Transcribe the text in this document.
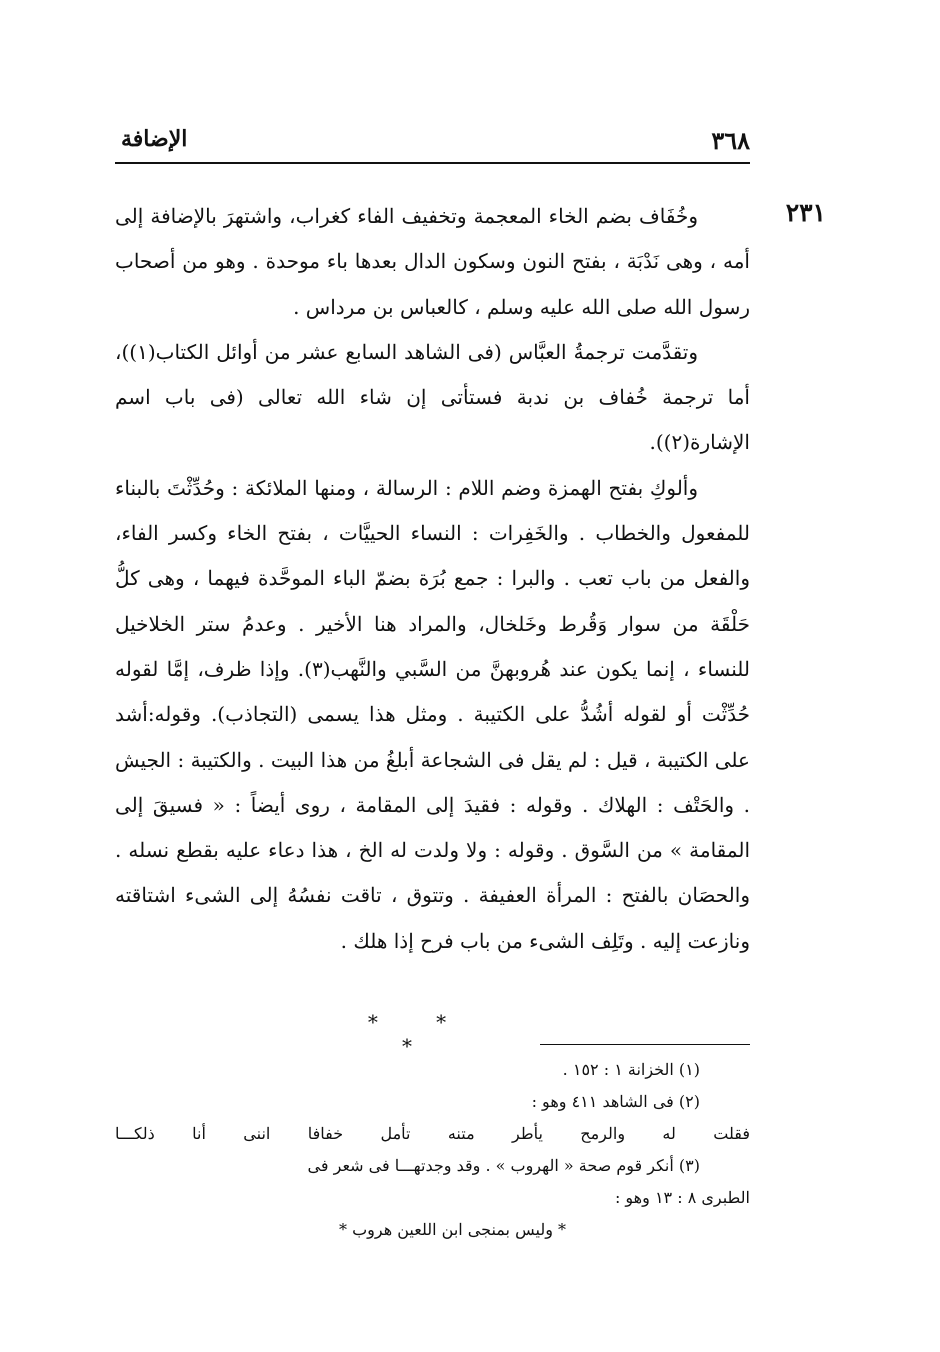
٣٦٨
الإضافة
٢٣١

وخُفَاف بضم الخاء المعجمة وتخفيف الفاء كغراب، واشتهرَ بالإضافة إلى أمه ، وهى نَدْبَة ، بفتح النون وسكون الدال بعدها باء موحدة . وهو من أصحاب رسول الله صلى الله عليه وسلم ، كالعباس بن مرداس .

وتقدَّمت ترجمةُ العبَّاس (فى الشاهد السابع عشر من أوائل الكتاب(١))، أما ترجمة خُفاف بن ندبة فستأتى إن شاء الله تعالى (فى باب اسم الإشارة(٢)).

وألوكِ بفتح الهمزة وضم اللام : الرسالة ، ومنها الملائكة : وحُدِّثْتَ بالبناء للمفعول والخطاب . والخَفِرات : النساء الحييَّات ، بفتح الخاء وكسر الفاء، والفعل من باب تعب . والبرا : جمع بُرَة بضمّ الباء الموحَّدة فيهما ، وهى كلُّ حَلْقَة من سوار وَقُرط وخَلخال، والمراد هنا الأخير . وعدمُ ستر الخلاخيل للنساء ، إنما يكون عند هُروبهنَّ من السَّبي والنَّهب(٣). وإذا ظرف، إمَّا لقوله حُدِّثْت أو لقوله أشُدُّ على الكتيبة . ومثل هذا يسمى (التجاذب). وقوله:أشد على الكتيبة ، قيل : لم يقل فى الشجاعة أبلغُ من هذا البيت . والكتيبة : الجيش . والحَتْف : الهلاك . وقوله : فقيدَ إلى المقامة ، روى أيضاً : « فسيقَ إلى المقامة » من السَّوق . وقوله : ولا ولدت له الخ ، هذا دعاء عليه بقطع نسله . والحصَان بالفتح : المرأة العفيفة . وتتوق ، تاقت نفسُهُ إلى الشىء اشتاقته ونازعت إليه . وتَلِف الشىء من باب فرح إذا هلك .

* * *

(١) الخزانة ١ : ١٥٢ .

(٢) فى الشاهد ٤١١ وهو :

فقلت له والرمح يأطر متنه تأمل خفافا اننى أنا ذلكـــا

(٣) أنكر قوم صحة « الهروب » . وقد وجدتهـــا فى شعر فى

الطبرى ٨ : ١٣ وهو :

* وليس بمنجى ابن اللعين هروب *
